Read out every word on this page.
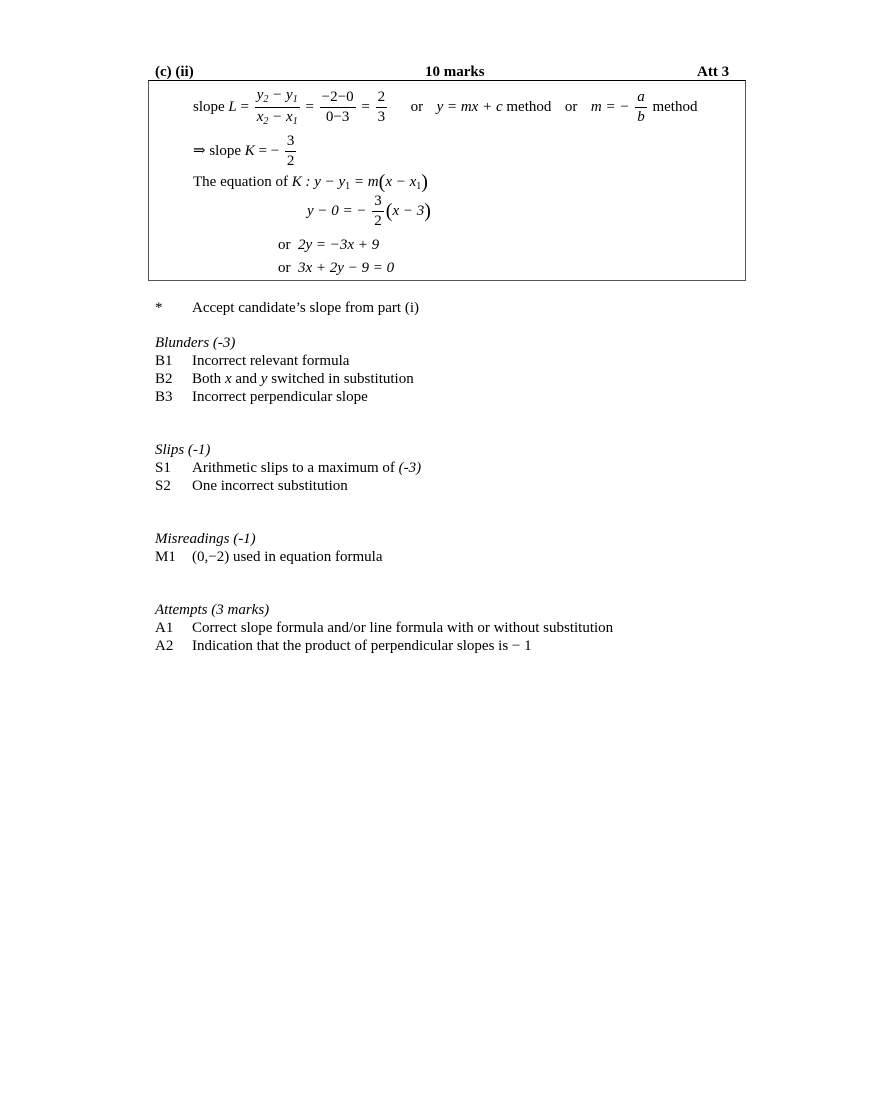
(c) (ii)	10 marks	Att 3
slope $L = \frac{y_2 - y_1}{x_2 - x_1} = \frac{-2-0}{0-3} = \frac{2}{3}$ or y = mx + c method or m = − $\frac{a}{b}$ method
⇒ slope K = − $\frac{3}{2}$
The equation of K : $y - y_1 = m(x - x_1)$
y − 0 = − $\frac{3}{2} (x - 3)$
or 2y = −3x + 9
or 3x + 2y − 9 = 0
* Accept candidate’s slope from part (i)
Blunders (-3)
B1 Incorrect relevant formula
B2 Both x and y switched in substitution
B3 Incorrect perpendicular slope
Slips (-1)
S1 Arithmetic slips to a maximum of (-3)
S2 One incorrect substitution
Misreadings (-1)
M1 (0,−2) used in equation formula
Attempts (3 marks)
A1 Correct slope formula and/or line formula with or without substitution
A2 Indication that the product of perpendicular slopes is − 1
